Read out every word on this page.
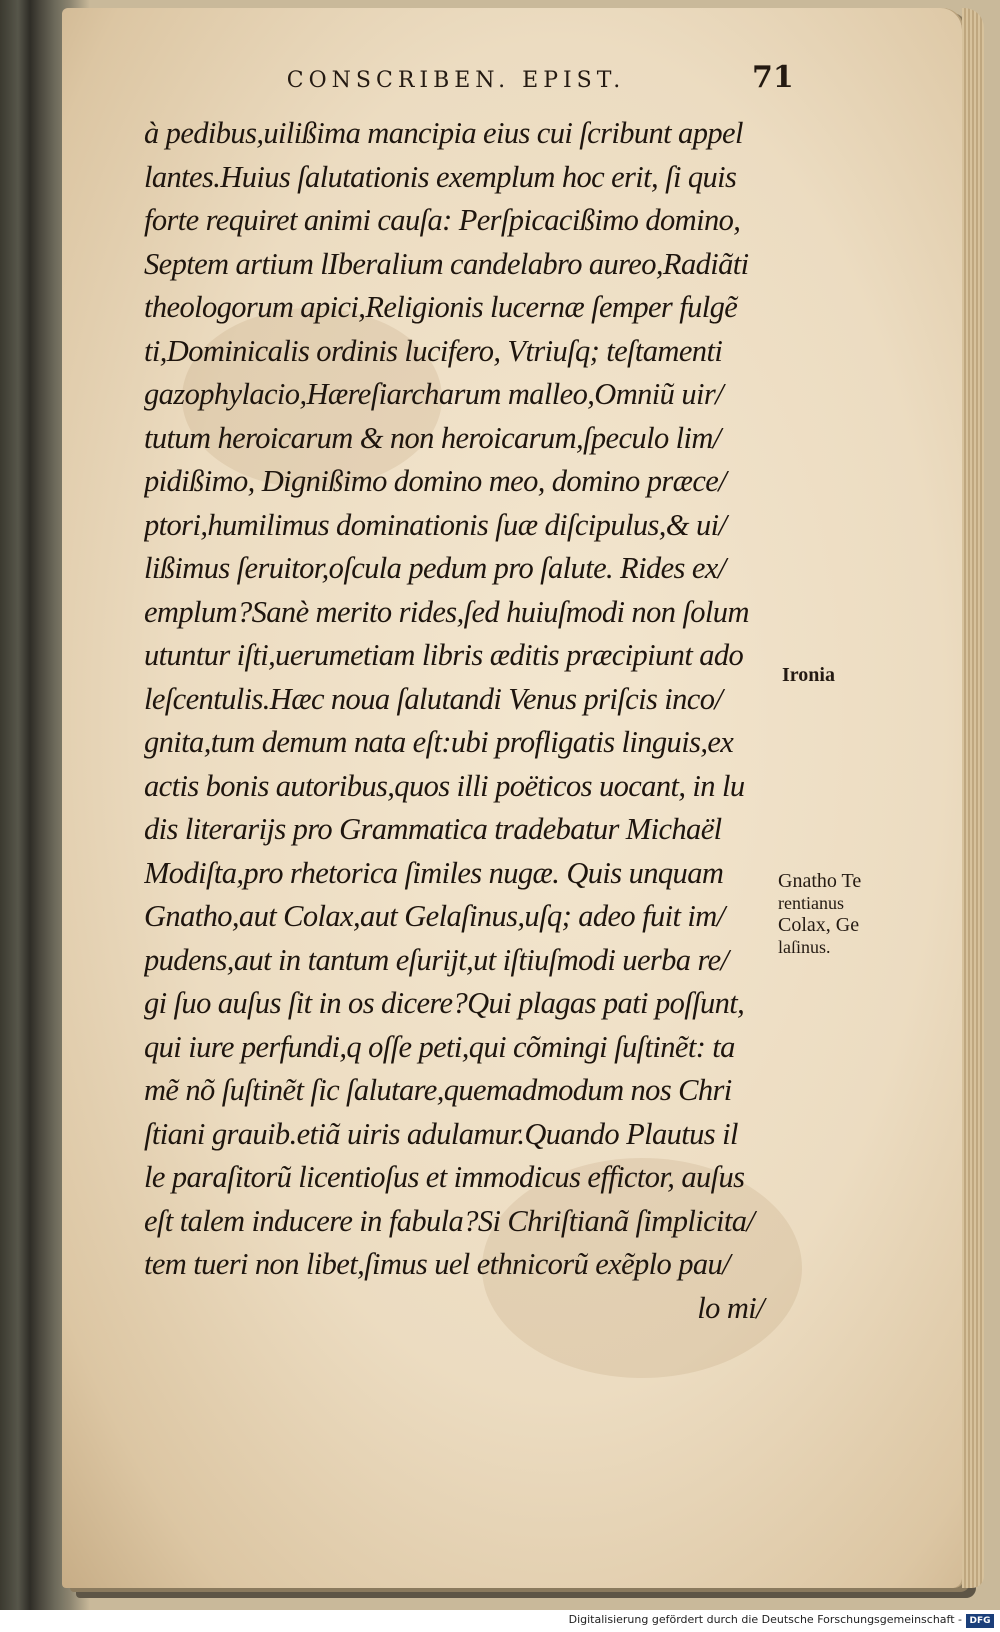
CONSCRIBEN. EPIST.	71
à pedibus,uilißima mancipia eius cui ſcribunt appel
lantes.Huius ſalutationis exemplum hoc erit, ſi quis
forte requiret animi cauſa: Perſpicacißimo domino,
Septem artium lIberalium candelabro aureo,Radiãti
theologorum apici,Religionis lucernæ ſemper fulgẽ
ti,Dominicalis ordinis lucifero, Vtriuſq; teſtamenti
gazophylacio,Hæreſiarcharum malleo,Omniũ uir/
tutum heroicarum & non heroicarum,ſpeculo lim/
pidißimo, Dignißimo domino meo, domino præce/
ptori,humilimus dominationis ſuæ diſcipulus,& ui/
lißimus ſeruitor,oſcula pedum pro ſalute. Rides ex/
emplum?Sanè merito rides,ſed huiuſmodi non ſolum
utuntur iſti,uerumetiam libris æditis præcipiunt ado
leſcentulis.Hæc noua ſalutandi Venus priſcis inco/
gnita,tum demum nata eſt:ubi profligatis linguis,ex
actis bonis autoribus,quos illi poëticos uocant, in lu
dis literarijs pro Grammatica tradebatur Michaël
Modiſta,pro rhetorica ſimiles nugæ. Quis unquam
Gnatho,aut Colax,aut Gelaſinus,uſq; adeo fuit im/
pudens,aut in tantum eſurijt,ut iſtiuſmodi uerba re/
gi ſuo auſus ſit in os dicere?Qui plagas pati poſſunt,
qui iure perfundi,q oſſe peti,qui cõmingi ſuſtinẽt: ta
mẽ nõ ſuſtinẽt ſic ſalutare,quemadmodum nos Chri
ſtiani grauib.etiã uiris adulamur.Quando Plautus il
le paraſitorũ licentioſus et immodicus effictor, auſus
eſt talem inducere in fabula?Si Chriſtianã ſimplicita/
tem tueri non libet,ſimus uel ethnicorũ exẽplo pau/
lo mi/
Ironia
Gnatho Te
rentianus
Colax, Ge
laſinus.
Digitalisierung gefördert durch die Deutsche Forschungsgemeinschaft - DFG
